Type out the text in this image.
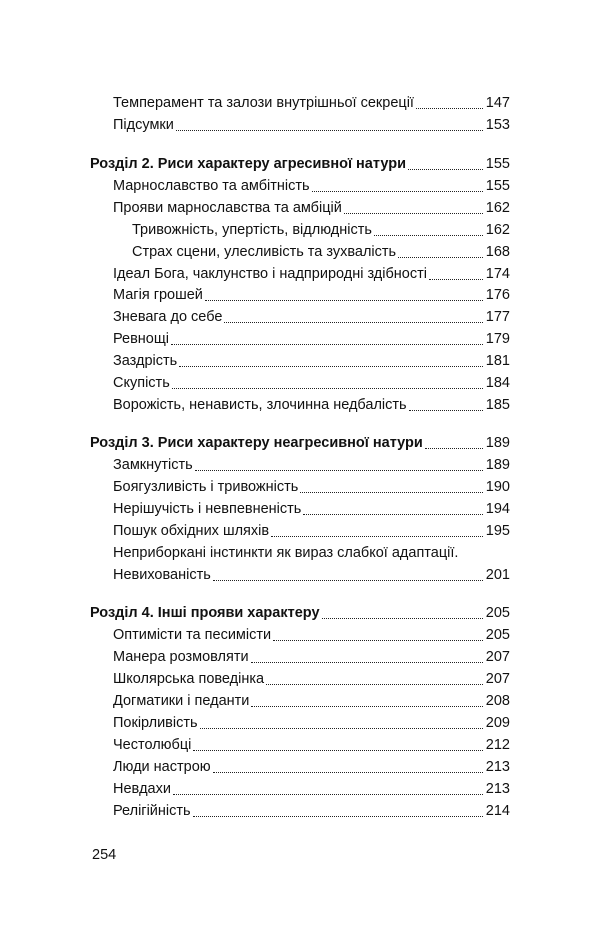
Темперамент та залози внутрішньої секреції	147
Підсумки	153
Розділ 2. Риси характеру агресивної натури	155
Марнославство та амбітність	155
Прояви марнославства та амбіцій	162
Тривожність, упертість, відлюдність	162
Страх сцени, улесливість та зухвалість	168
Ідеал Бога, чаклунство і надприродні здібності	174
Магія грошей	176
Зневага до себе	177
Ревнощі	179
Заздрість	181
Скупість	184
Ворожість, ненависть, злочинна недбалість	185
Розділ 3. Риси характеру неагресивної натури	189
Замкнутість	189
Боягузливість і тривожність	190
Нерішучість і невпевненість	194
Пошук обхідних шляхів	195
Неприборкані інстинкти як вираз слабкої адаптації.
Невихованість	201
Розділ 4. Інші прояви характеру	205
Оптимісти та песимісти	205
Манера розмовляти	207
Школярська поведінка	207
Догматики і педанти	208
Покірливість	209
Честолюбці	212
Люди настрою	213
Невдахи	213
Релігійність	214
254
